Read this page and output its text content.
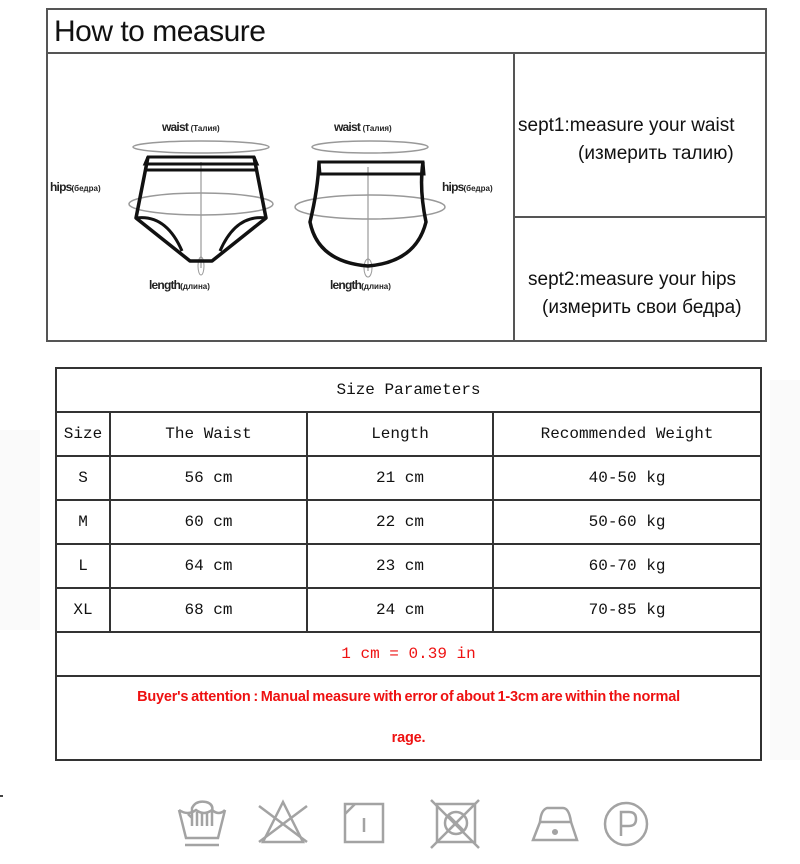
How to measure
waist (Талия)
hips(бедра)
length(длина)
waist (Талия)
hips(бедра)
length(длина)
sept1:measure your waist
(измерить талию)
sept2:measure your hips
(измерить свои бедра)
Size Parameters			
Size	The Waist	Length	Recommended Weight
S	56 cm	21 cm	40-50 kg
M	60 cm	22 cm	50-60 kg
L	64 cm	23 cm	60-70 kg
XL	68 cm	24 cm	70-85 kg
1 cm = 0.39 in			

Buyer's attention : Manual measure with error of about 1-3cm are within the normal
rage.			
